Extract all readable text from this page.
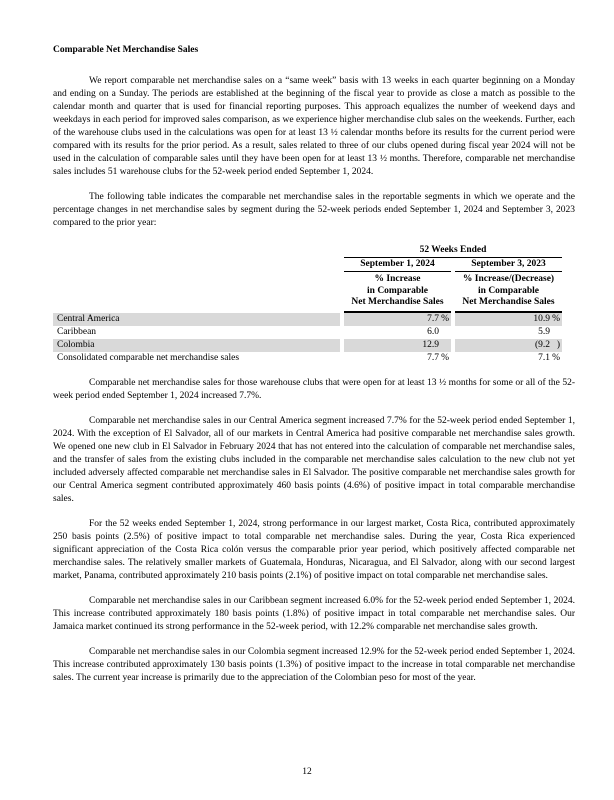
Comparable Net Merchandise Sales

We report comparable net merchandise sales on a “same week” basis with 13 weeks in each quarter beginning on a Monday and ending on a Sunday. The periods are established at the beginning of the fiscal year to provide as close a match as possible to the calendar month and quarter that is used for financial reporting purposes. This approach equalizes the number of weekend days and weekdays in each period for improved sales comparison, as we experience higher merchandise club sales on the weekends. Further, each of the warehouse clubs used in the calculations was open for at least 13 ½ calendar months before its results for the current period were compared with its results for the prior period. As a result, sales related to three of our clubs opened during fiscal year 2024 will not be used in the calculation of comparable sales until they have been open for at least 13 ½ months. Therefore, comparable net merchandise sales includes 51 warehouse clubs for the 52-week period ended September 1, 2024.

The following table indicates the comparable net merchandise sales in the reportable segments in which we operate and the percentage changes in net merchandise sales by segment during the 52-week periods ended September 1, 2024 and September 3, 2023 compared to the prior year:

52 Weeks Ended
September 1, 2024	September 3, 2023
% Increase
in Comparable
Net Merchandise Sales
% Increase/(Decrease)
in Comparable
Net Merchandise Sales
Central America	7.7 %	10.9 %
Caribbean	6.0	5.9
Colombia	12.9	(9.2 )
Consolidated comparable net merchandise sales	7.7 %	7.1 %

Comparable net merchandise sales for those warehouse clubs that were open for at least 13 ½ months for some or all of the 52-week period ended September 1, 2024 increased 7.7%.

Comparable net merchandise sales in our Central America segment increased 7.7% for the 52-week period ended September 1, 2024. With the exception of El Salvador, all of our markets in Central America had positive comparable net merchandise sales growth. We opened one new club in El Salvador in February 2024 that has not entered into the calculation of comparable net merchandise sales, and the transfer of sales from the existing clubs included in the comparable net merchandise sales calculation to the new club not yet included adversely affected comparable net merchandise sales in El Salvador. The positive comparable net merchandise sales growth for our Central America segment contributed approximately 460 basis points (4.6%) of positive impact in total comparable merchandise sales.

For the 52 weeks ended September 1, 2024, strong performance in our largest market, Costa Rica, contributed approximately 250 basis points (2.5%) of positive impact to total comparable net merchandise sales. During the year, Costa Rica experienced significant appreciation of the Costa Rica colón versus the comparable prior year period, which positively affected comparable net merchandise sales. The relatively smaller markets of Guatemala, Honduras, Nicaragua, and El Salvador, along with our second largest market, Panama, contributed approximately 210 basis points (2.1%) of positive impact on total comparable net merchandise sales.

Comparable net merchandise sales in our Caribbean segment increased 6.0% for the 52-week period ended September 1, 2024. This increase contributed approximately 180 basis points (1.8%) of positive impact in total comparable net merchandise sales. Our Jamaica market continued its strong performance in the 52-week period, with 12.2% comparable net merchandise sales growth.

Comparable net merchandise sales in our Colombia segment increased 12.9% for the 52-week period ended September 1, 2024. This increase contributed approximately 130 basis points (1.3%) of positive impact to the increase in total comparable net merchandise sales. The current year increase is primarily due to the appreciation of the Colombian peso for most of the year.

12
